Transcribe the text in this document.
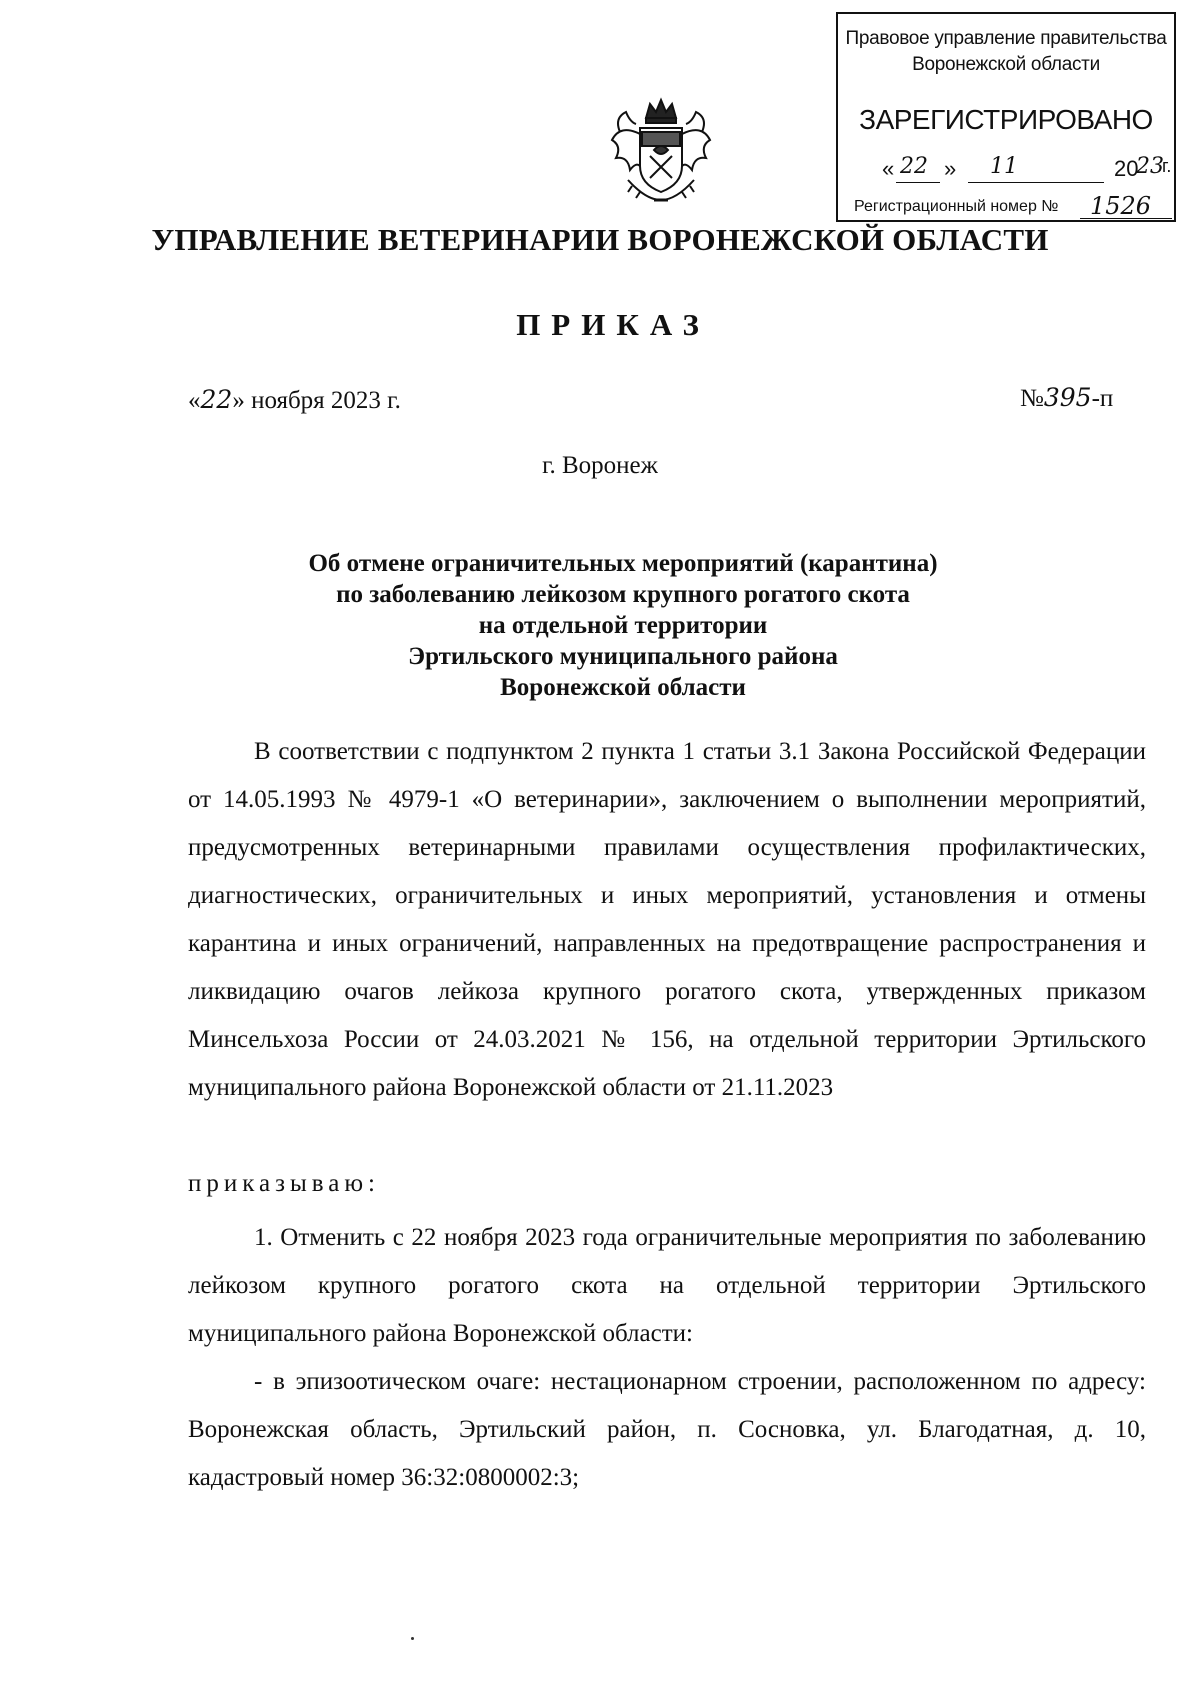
Правовое управление правительства
Воронежской области
ЗАРЕГИСТРИРОВАНО
« 22 » 11	20
23
г.
Регистрационный номер № 1526
УПРАВЛЕНИЕ ВЕТЕРИНАРИИ ВОРОНЕЖСКОЙ ОБЛАСТИ
ПРИКАЗ
«22» ноября 2023 г.	№395-п
г. Воронеж
Об отмене ограничительных мероприятий (карантина)
по заболеванию лейкозом крупного рогатого скота
на отдельной территории
Эртильского муниципального района
Воронежской области

В соответствии с подпунктом 2 пункта 1 статьи 3.1 Закона Российской Федерации от 14.05.1993 № 4979-1 «О ветеринарии», заключением о выполнении мероприятий, предусмотренных ветеринарными правилами осуществления профилактических, диагностических, ограничительных и иных мероприятий, установления и отмены карантина и иных ограничений, направленных на предотвращение распространения и ликвидацию очагов лейкоза крупного рогатого скота, утвержденных приказом Минсельхоза России от 24.03.2021 № 156, на отдельной территории Эртильского муниципального района Воронежской области от 21.11.2023

приказываю:

1. Отменить с 22 ноября 2023 года ограничительные мероприятия по заболеванию лейкозом крупного рогатого скота на отдельной территории Эртильского муниципального района Воронежской области:

- в эпизоотическом очаге: нестационарном строении, расположенном по адресу: Воронежская область, Эртильский район, п. Сосновка, ул. Благодатная, д. 10, кадастровый номер 36:32:0800002:3;
